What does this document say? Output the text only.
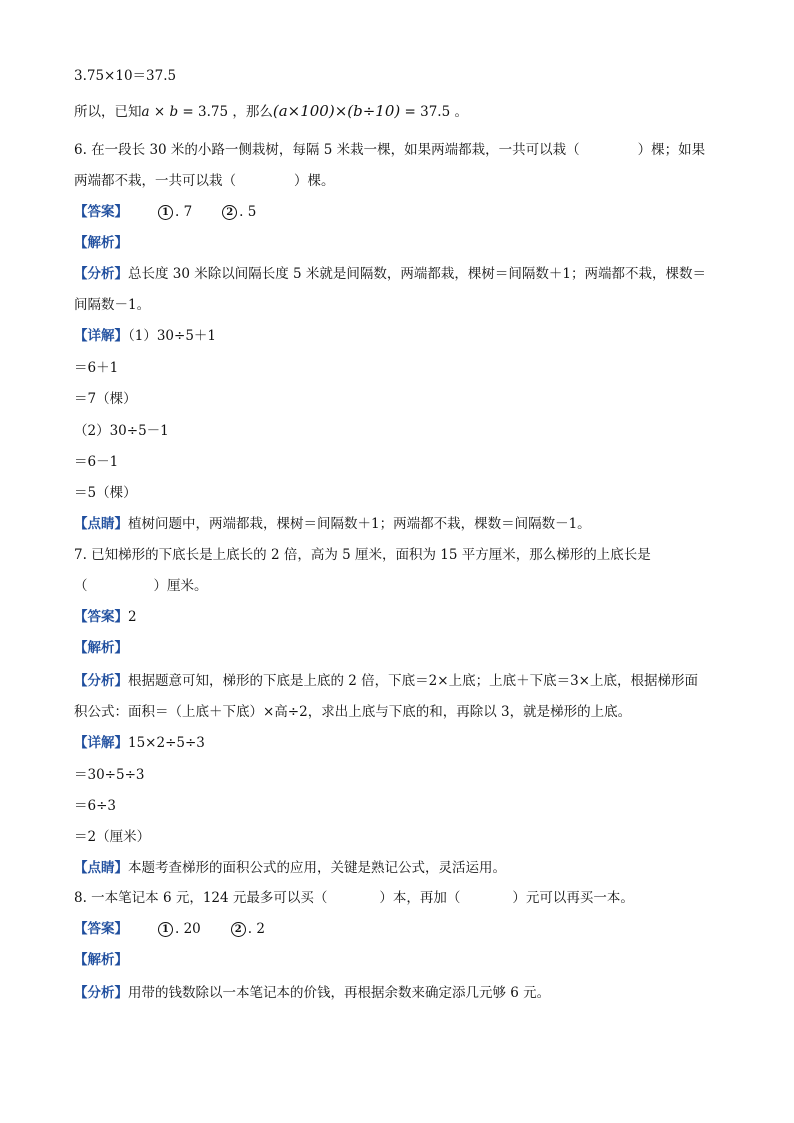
3.75×10＝37.5
所以，已知a × b = 3.75 ，那么(a×100)×(b÷10) = 37.5 。
6. 在一段长 30 米的小路一侧栽树，每隔 5 米栽一棵，如果两端都栽，一共可以栽（	）棵；如果
两端都不栽，一共可以栽（	）棵。
【答案】	1 . 7	2 . 5
【解析】
【分析】总长度 30 米除以间隔长度 5 米就是间隔数，两端都栽，棵树＝间隔数＋1；两端都不栽，棵数＝
间隔数－1。
【详解】（1）30÷5＋1
＝6＋1
＝7（棵）
（2）30÷5－1
＝6－1
＝5（棵）
【点睛】植树问题中，两端都栽，棵树＝间隔数＋1；两端都不栽，棵数＝间隔数－1。
7. 已知梯形的下底长是上底长的 2 倍，高为 5 厘米，面积为 15 平方厘米，那么梯形的上底长是
（	）厘米。
【答案】2
【解析】
【分析】根据题意可知，梯形的下底是上底的 2 倍，下底＝2×上底；上底＋下底＝3×上底，根据梯形面
积公式：面积＝（上底＋下底）×高÷2，求出上底与下底的和，再除以 3，就是梯形的上底。
【详解】15×2÷5÷3
＝30÷5÷3
＝6÷3
＝2（厘米）
【点睛】本题考查梯形的面积公式的应用，关键是熟记公式，灵活运用。
8. 一本笔记本 6 元，124 元最多可以买（	）本，再加（	）元可以再买一本。
【答案】	1 . 20	2 . 2
【解析】
【分析】用带的钱数除以一本笔记本的价钱，再根据余数来确定添几元够 6 元。
